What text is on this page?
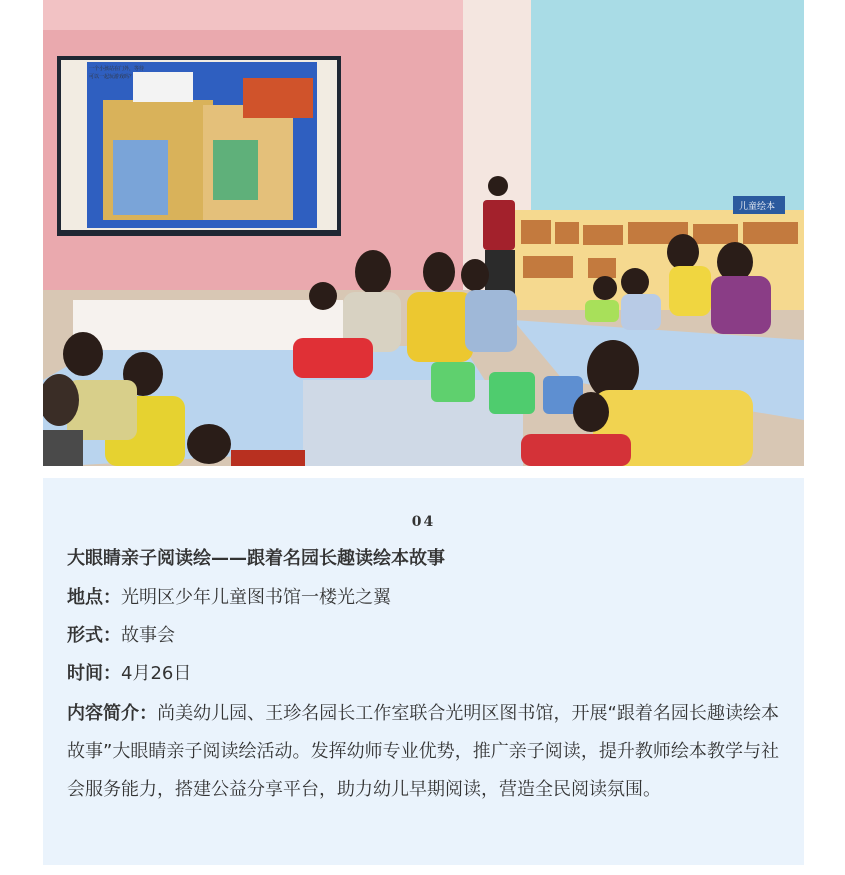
一个小孩站在门外，等待
可以一起玩游戏吗？
儿童绘本
04
大眼睛亲子阅读绘——跟着名园长趣读绘本故事
地点：光明区少年儿童图书馆一楼光之翼
形式：故事会
时间：4月26日
内容简介：尚美幼儿园、王珍名园长工作室联合光明区图书馆，开展“跟着名园长趣读绘本故事”大眼睛亲子阅读绘活动。发挥幼师专业优势，推广亲子阅读，提升教师绘本教学与社会服务能力，搭建公益分享平台，助力幼儿早期阅读，营造全民阅读氛围。
